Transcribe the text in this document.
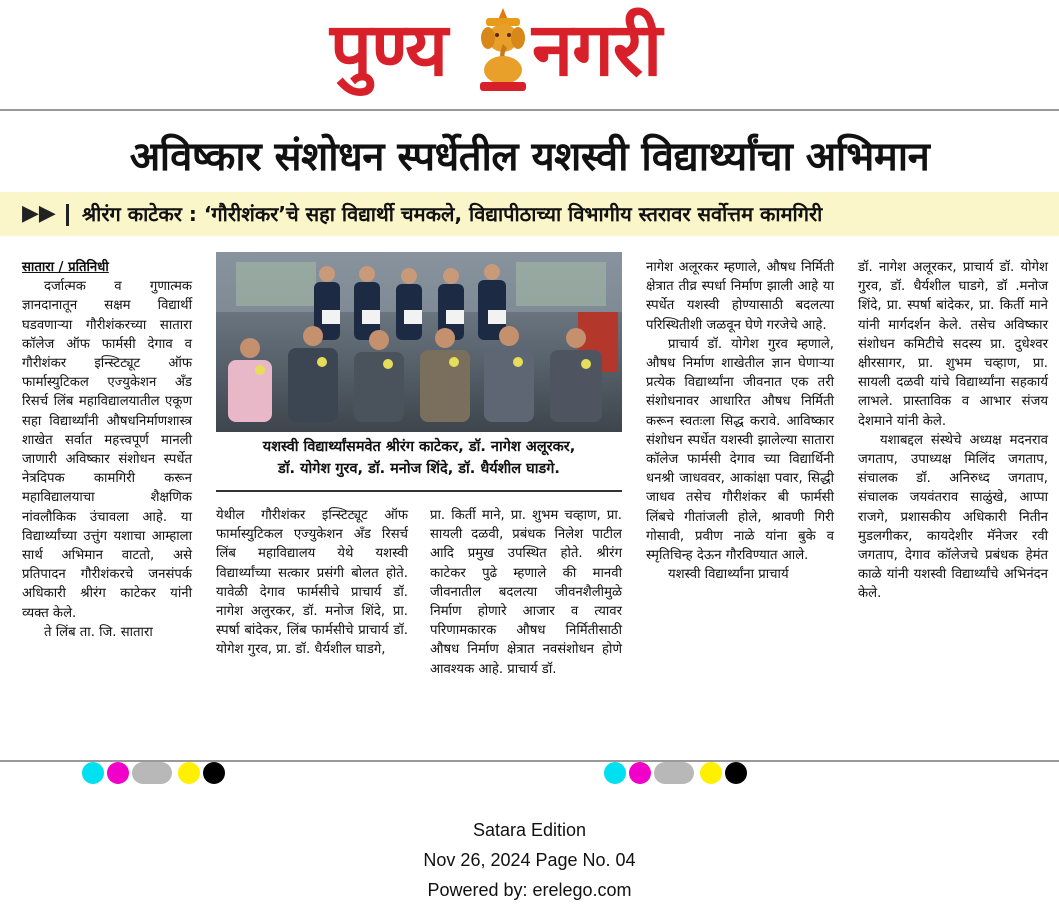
पुण्य नगरी
अविष्कार संशोधन स्पर्धेतील यशस्वी विद्यार्थ्यांचा अभिमान
▶▶ श्रीरंग काटेकर : ‘गौरीशंकर’चे सहा विद्यार्थी चमकले, विद्यापीठाच्या विभागीय स्तरावर सर्वोत्तम कामगिरी

सातारा / प्रतिनिधी

दर्जात्मक व गुणात्मक ज्ञानदानातून सक्षम विद्यार्थी घडवणाऱ्या गौरीशंकरच्या सातारा कॉलेज ऑफ फार्मसी देगाव व गौरीशंकर इन्स्टिट्यूट ऑफ फार्मास्युटिकल एज्युकेशन अँड रिसर्च लिंब महाविद्यालयातील एकूण सहा विद्यार्थ्यांनी औषधनिर्माणशास्त्र शाखेत सर्वात महत्त्वपूर्ण मानली जाणारी अविष्कार संशोधन स्पर्धेत नेत्रदिपक कामगिरी करून महाविद्यालयाचा शैक्षणिक नांवलौकिक उंचावला आहे. या विद्यार्थ्यांच्या उत्तुंग यशाचा आम्हाला सार्थ अभिमान वाटतो, असे प्रतिपादन गौरीशंकरचे जनसंपर्क अधिकारी श्रीरंग काटेकर यांनी व्यक्त केले.

ते लिंब ता. जि. सातारा

यशस्वी विद्यार्थ्यांसमवेत श्रीरंग काटेकर, डॉ. नागेश अलूरकर,
डॉ. योगेश गुरव, डॉ. मनोज शिंदे, डॉ. धैर्यशील घाडगे.

येथील गौरीशंकर इन्स्टिट्यूट ऑफ फार्मास्युटिकल एज्युकेशन अँड रिसर्च लिंब महाविद्यालय येथे यशस्वी विद्यार्थ्यांच्या सत्कार प्रसंगी बोलत होते. यावेळी देगाव फार्मसीचे प्राचार्य डॉ. नागेश अलुरकर, डॉ. मनोज शिंदे, प्रा. स्पर्षा बांदेकर, लिंब फार्मसीचे प्राचार्य डॉ. योगेश गुरव, प्रा. डॉ. धैर्यशील घाडगे,

प्रा. किर्ती माने, प्रा. शुभम चव्हाण, प्रा. सायली दळवी, प्रबंधक निलेश पाटील आदि प्रमुख उपस्थित होते. श्रीरंग काटेकर पुढे म्हणाले की मानवी जीवनातील बदलत्या जीवनशैलीमुळे निर्माण होणारे आजार व त्यावर परिणामकारक औषध निर्मितीसाठी औषध निर्माण क्षेत्रात नवसंशोधन होणे आवश्यक आहे. प्राचार्य डॉ.

नागेश अलूरकर म्हणाले, औषध निर्मिती क्षेत्रात तीव्र स्पर्धा निर्माण झाली आहे या स्पर्धेत यशस्वी होण्यासाठी बदलत्या परिस्थितीशी जळवून घेणे गरजेचे आहे.

प्राचार्य डॉ. योगेश गुरव म्हणाले, औषध निर्माण शाखेतील ज्ञान घेणाऱ्या प्रत्येक विद्यार्थ्यांना जीवनात एक तरी संशोधनावर आधारित औषध निर्मिती करून स्वतःला सिद्ध करावे. आविष्कार संशोधन स्पर्धेत यशस्वी झालेल्या सातारा कॉलेज फार्मसी देगाव च्या विद्यार्थिनी धनश्री जाधववर, आकांक्षा पवार, सिद्धी जाधव तसेच गौरीशंकर बी फार्मसी लिंबचे गीतांजली होले, श्रावणी गिरी गोसावी, प्रवीण नाळे यांना बुके व स्मृतिचिन्ह देऊन गौरविण्यात आले.

यशस्वी विद्यार्थ्यांना प्राचार्य

डॉ. नागेश अलूरकर, प्राचार्य डॉ. योगेश गुरव, डॉ. धैर्यशील घाडगे, डॉ .मनोज शिंदे, प्रा. स्पर्षा बांदेकर, प्रा. किर्ती माने यांनी मार्गदर्शन केले. तसेच अविष्कार संशोधन कमिटीचे सदस्य प्रा. दुधेश्वर क्षीरसागर, प्रा. शुभम चव्हाण, प्रा. सायली दळवी यांचे विद्यार्थ्यांना सहकार्य लाभले. प्रास्ताविक व आभार संजय देशमाने यांनी केले.

यशाबद्दल संस्थेचे अध्यक्ष मदनराव जगताप, उपाध्यक्ष मिलिंद जगताप, संचालक डॉ. अनिरुध्द जगताप, संचालक जयवंतराव साळुंखे, आप्पा राजगे, प्रशासकीय अधिकारी नितीन मुडलगीकर, कायदेशीर मॅनेजर रवी जगताप, देगाव कॉलेजचे प्रबंधक हेमंत काळे यांनी यशस्वी विद्यार्थ्यांचे अभिनंदन केले.

Satara Edition
Nov 26, 2024 Page No. 04
Powered by: erelego.com
